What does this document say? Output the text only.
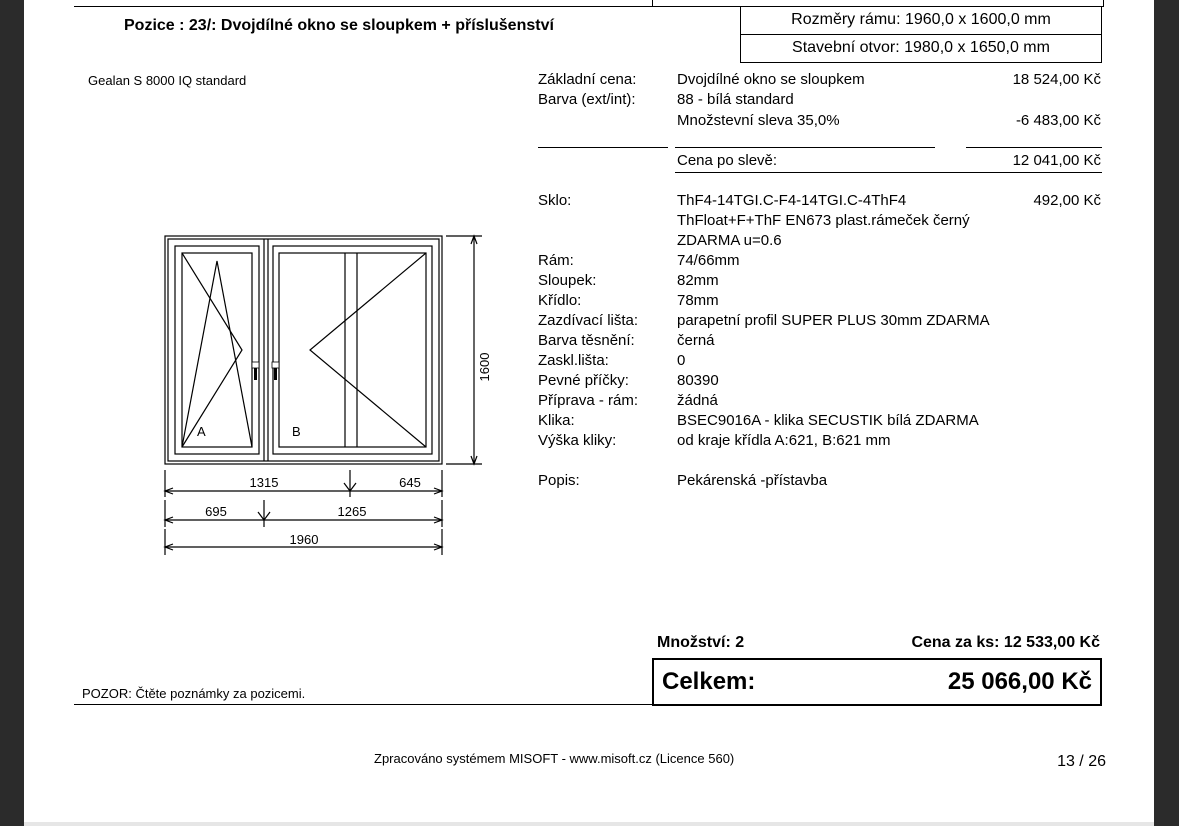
Pozice : 23/: Dvojdílné okno se sloupkem + příslušenství	Rozměry rámu: 1960,0 x 1600,0 mm
Stavební otvor: 1980,0 x 1650,0 mm
Gealan S 8000 IQ standard	Základní cena:	Dvojdílné okno se sloupkem	18 524,00 Kč
Barva (ext/int):	88 - bílá standard
Množstevní sleva 35,0%	-6 483,00 Kč
Cena po slevě:	12 041,00 Kč
Sklo:	ThF4-14TGI.C-F4-14TGI.C-4ThF4	492,00 Kč
ThFloat+F+ThF EN673 plast.rámeček černý
ZDARMA u=0.6
Rám:	74/66mm
Sloupek:	82mm
Křídlo:	78mm
Zazdívací lišta:	parapetní profil SUPER PLUS 30mm ZDARMA
Barva těsnění:	černá
Zaskl.lišta:	0
Pevné příčky:	80390
Příprava - rám:	žádná
Klika:	BSEC9016A - klika SECUSTIK bílá ZDARMA
Výška kliky:	od kraje křídla A:621, B:621 mm
Popis:	Pekárenská -přístavba
A	B
1600
1315	645
695	1265
1960
Množství: 2	Cena za ks: 12 533,00 Kč
Celkem:	25 066,00 Kč
POZOR: Čtěte poznámky za pozicemi.
Zpracováno systémem MISOFT - www.misoft.cz (Licence 560)	13 / 26
